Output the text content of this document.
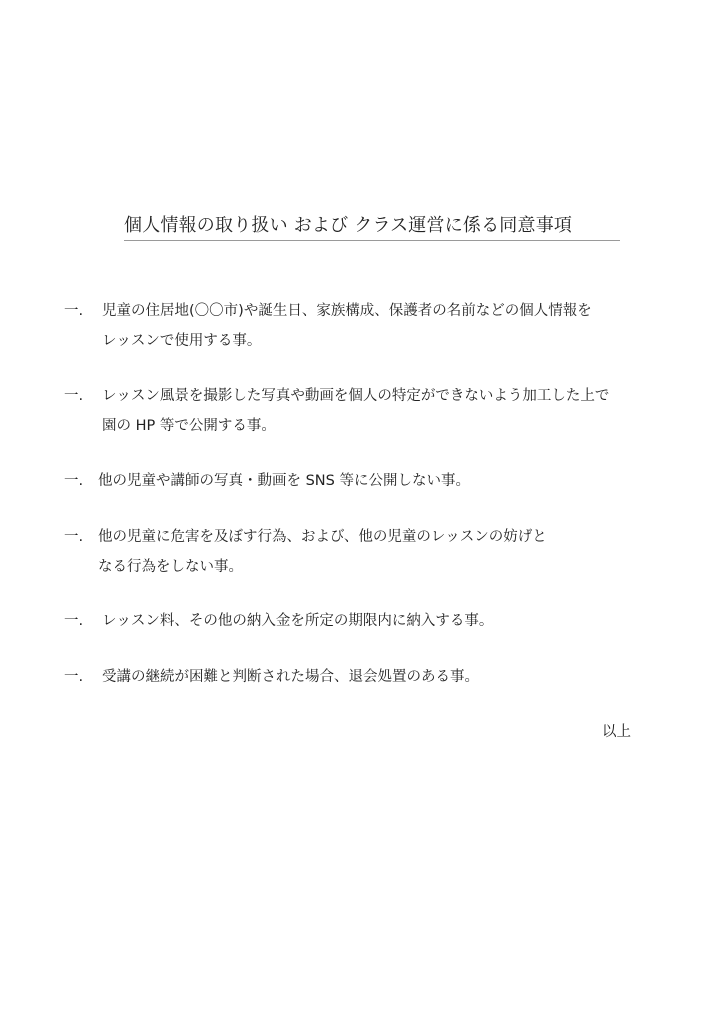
個人情報の取り扱い および クラス運営に係る同意事項
一.	児童の住居地(〇〇市)や誕生日、家族構成、保護者の名前などの個人情報を
レッスンで使用する事。
一.	レッスン風景を撮影した写真や動画を個人の特定ができないよう加工した上で
園の HP 等で公開する事。
一.	他の児童や講師の写真・動画を SNS 等に公開しない事。
一.	他の児童に危害を及ぼす行為、および、他の児童のレッスンの妨げと
なる行為をしない事。
一.	レッスン料、その他の納入金を所定の期限内に納入する事。
一.	受講の継続が困難と判断された場合、退会処置のある事。
以上
